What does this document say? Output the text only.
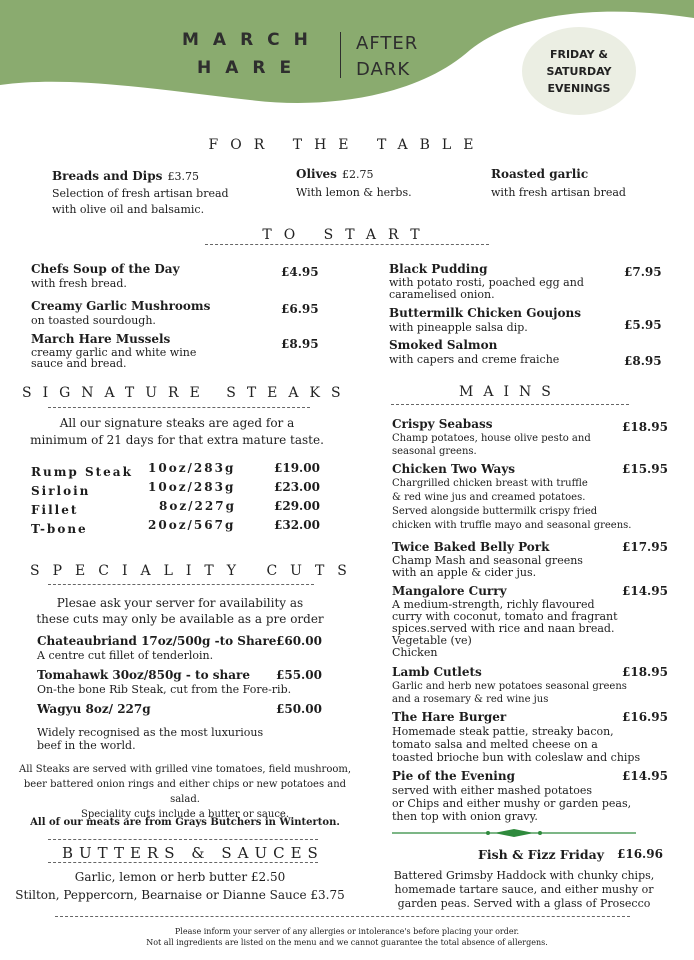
MARCH
HARE
AFTER
DARK
FRIDAY &
SATURDAY
EVENINGS
FOR THE TABLE
Breads and Dips £3.75
Selection of fresh artisan bread
with olive oil and balsamic.
Olives £2.75
With lemon & herbs.
Roasted garlic
with fresh artisan bread
TO START
Chefs Soup of the Day
with fresh bread.
£4.95
Creamy Garlic Mushrooms
on toasted sourdough.
£6.95
March Hare Mussels
creamy garlic and white wine
sauce and bread.
£8.95
Black Pudding
with potato rosti, poached egg and
caramelised onion.
£7.95
Buttermilk Chicken Goujons
with pineapple salsa dip.	£5.95
Smoked Salmon
with capers and creme fraiche	£8.95
SIGNATURE STEAKS
All our signature steaks are aged for a
minimum of 21 days for that extra mature taste.
Rump Steak 10oz/283g	£19.00
Sirloin	10oz/283g	£23.00
Fillet	8oz/227g	£29.00
T-bone	20oz/567g	£32.00
SPECIALITY CUTS
Plesae ask your server for availability as
these cuts may only be available as a pre order
Chateaubriand 17oz/500g -to Share
A centre cut fillet of tenderloin.
£60.00
Tomahawk 30oz/850g - to share
On-the bone Rib Steak, cut from the Fore-rib.
£55.00
Wagyu 8oz/ 227g	£50.00
Widely recognised as the most luxurious
beef in the world.
All Steaks are served with grilled vine tomatoes, field mushroom,
beer battered onion rings and either chips or new potatoes and salad.
Speciality cuts include a butter or sauce.
All of our meats are from Grays Butchers in Winterton.
BUTTERS & SAUCES
Garlic, lemon or herb butter £2.50
Stilton, Peppercorn, Bearnaise or Dianne Sauce £3.75
MAINS
Crispy Seabass	£18.95
Champ potatoes, house olive pesto and
seasonal greens.
Chicken Two Ways	£15.95
Chargrilled chicken breast with truffle
& red wine jus and creamed potatoes.
Served alongside buttermilk crispy fried
chicken with truffle mayo and seasonal greens.
Twice Baked Belly Pork	£17.95
Champ Mash and seasonal greens
with an apple & cider jus.
Mangalore Curry	£14.95
A medium-strength, richly flavoured
curry with coconut, tomato and fragrant
spices.served with rice and naan bread.
Vegetable (ve)
Chicken
Lamb Cutlets	£18.95
Garlic and herb new potatoes seasonal greens
and a rosemary & red wine jus
The Hare Burger	£16.95
Homemade steak pattie, streaky bacon,
tomato salsa and melted cheese on a
toasted brioche bun with coleslaw and chips
Pie of the Evening	£14.95
served with either mashed potatoes
or Chips and either mushy or garden peas,
then top with onion gravy.
Fish & Fizz Friday £16.96
Battered Grimsby Haddock with chunky chips,
homemade tartare sauce, and either mushy or
garden peas. Served with a glass of Prosecco
Please inform your server of any allergies or intolerance's before placing your order.
Not all ingredients are listed on the menu and we cannot guarantee the total absence of allergens.
